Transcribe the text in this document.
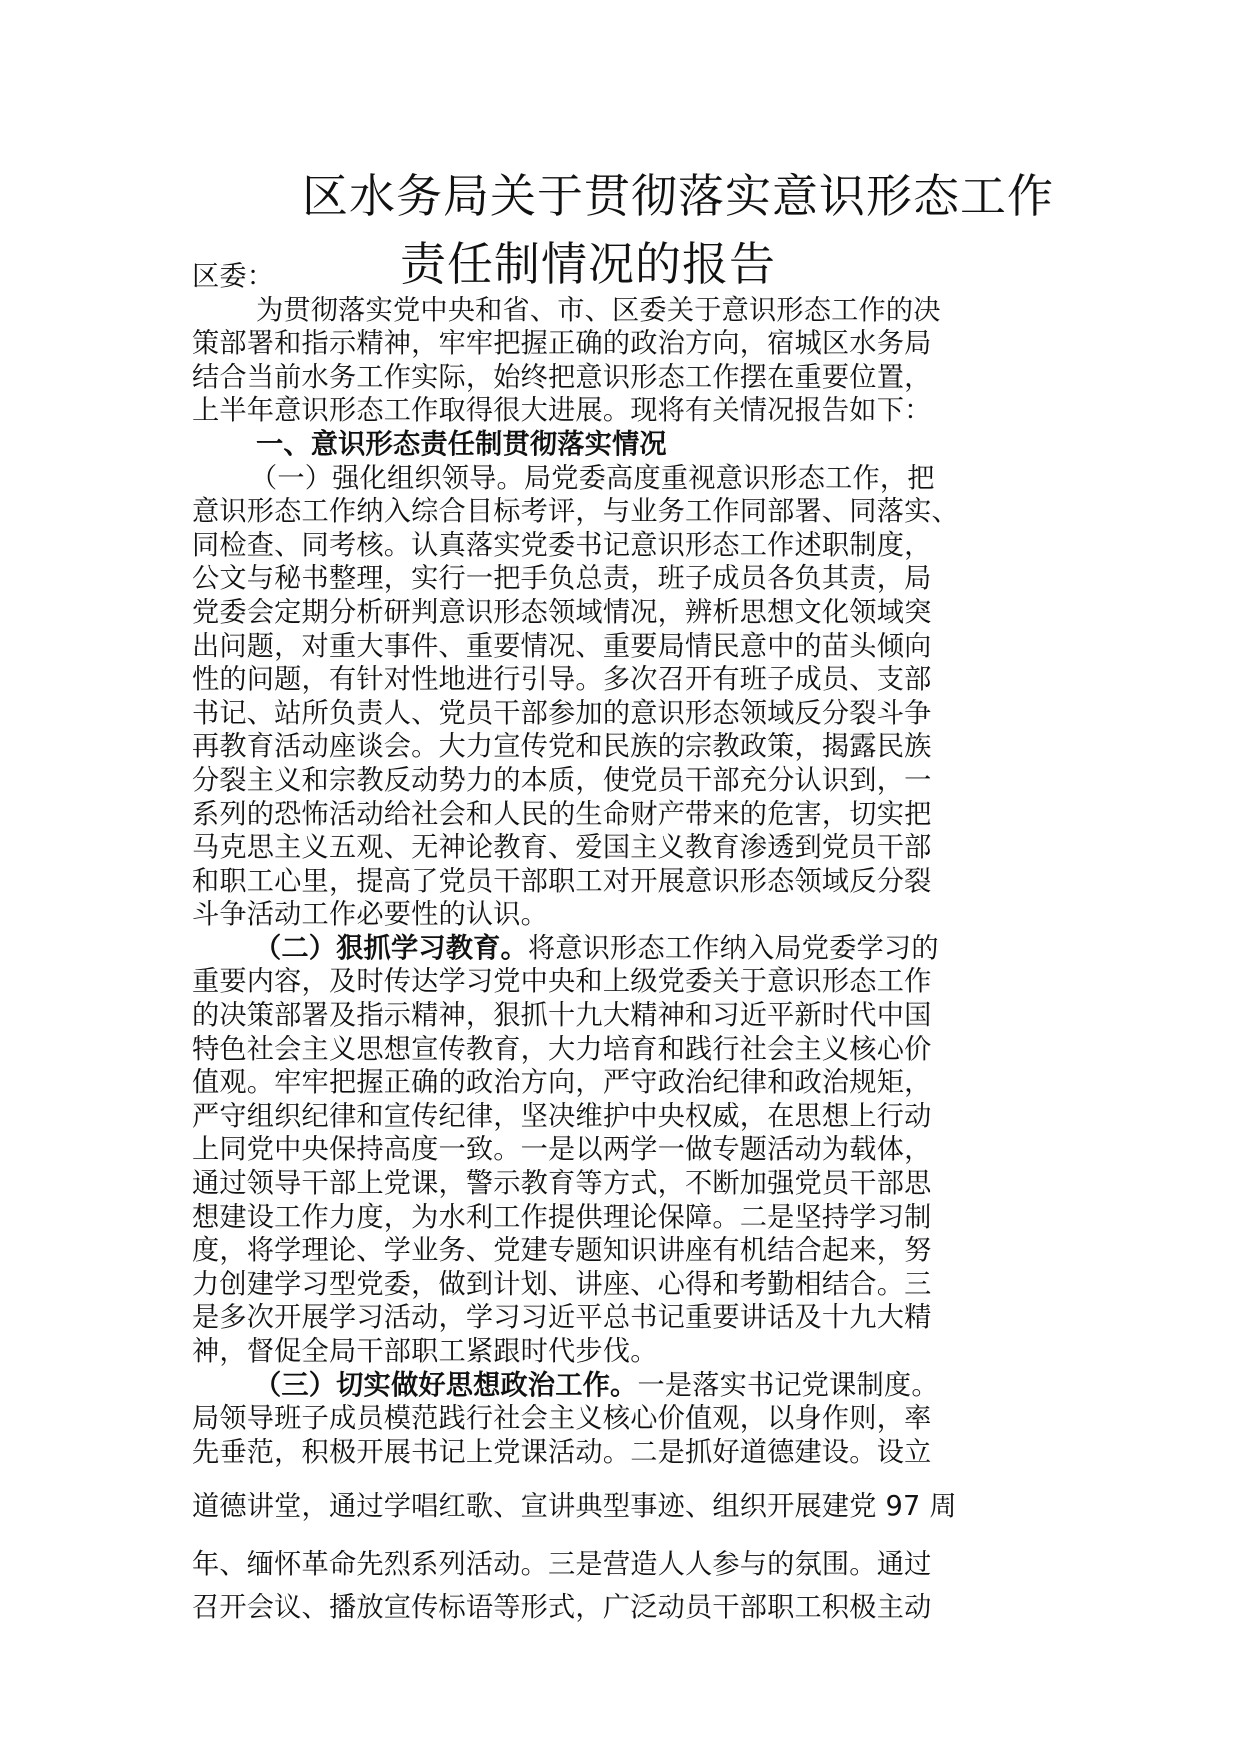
区水务局关于贯彻落实意识形态工作
责任制情况的报告
区委：
为贯彻落实党中央和省、市、区委关于意识形态工作的决
策部署和指示精神，牢牢把握正确的政治方向，宿城区水务局
结合当前水务工作实际，始终把意识形态工作摆在重要位置，
上半年意识形态工作取得很大进展。现将有关情况报告如下：
一、意识形态责任制贯彻落实情况
（一）强化组织领导。局党委高度重视意识形态工作，把
意识形态工作纳入综合目标考评，与业务工作同部署、同落实、
同检查、同考核。认真落实党委书记意识形态工作述职制度，
公文与秘书整理，实行一把手负总责，班子成员各负其责，局
党委会定期分析研判意识形态领域情况，辨析思想文化领域突
出问题，对重大事件、重要情况、重要局情民意中的苗头倾向
性的问题，有针对性地进行引导。多次召开有班子成员、支部
书记、站所负责人、党员干部参加的意识形态领域反分裂斗争
再教育活动座谈会。大力宣传党和民族的宗教政策，揭露民族
分裂主义和宗教反动势力的本质，使党员干部充分认识到，一
系列的恐怖活动给社会和人民的生命财产带来的危害，切实把
马克思主义五观、无神论教育、爱国主义教育渗透到党员干部
和职工心里，提高了党员干部职工对开展意识形态领域反分裂
斗争活动工作必要性的认识。
（二）狠抓学习教育。将意识形态工作纳入局党委学习的
重要内容，及时传达学习党中央和上级党委关于意识形态工作
的决策部署及指示精神，狠抓十九大精神和习近平新时代中国
特色社会主义思想宣传教育，大力培育和践行社会主义核心价
值观。牢牢把握正确的政治方向，严守政治纪律和政治规矩，
严守组织纪律和宣传纪律，坚决维护中央权威，在思想上行动
上同党中央保持高度一致。一是以两学一做专题活动为载体，
通过领导干部上党课，警示教育等方式，不断加强党员干部思
想建设工作力度，为水利工作提供理论保障。二是坚持学习制
度，将学理论、学业务、党建专题知识讲座有机结合起来，努
力创建学习型党委，做到计划、讲座、心得和考勤相结合。三
是多次开展学习活动，学习习近平总书记重要讲话及十九大精
神，督促全局干部职工紧跟时代步伐。
（三）切实做好思想政治工作。一是落实书记党课制度。
局领导班子成员模范践行社会主义核心价值观，以身作则，率
先垂范，积极开展书记上党课活动。二是抓好道德建设。设立
道德讲堂，通过学唱红歌、宣讲典型事迹、组织开展建党 97 周
年、缅怀革命先烈系列活动。三是营造人人参与的氛围。通过
召开会议、播放宣传标语等形式，广泛动员干部职工积极主动
